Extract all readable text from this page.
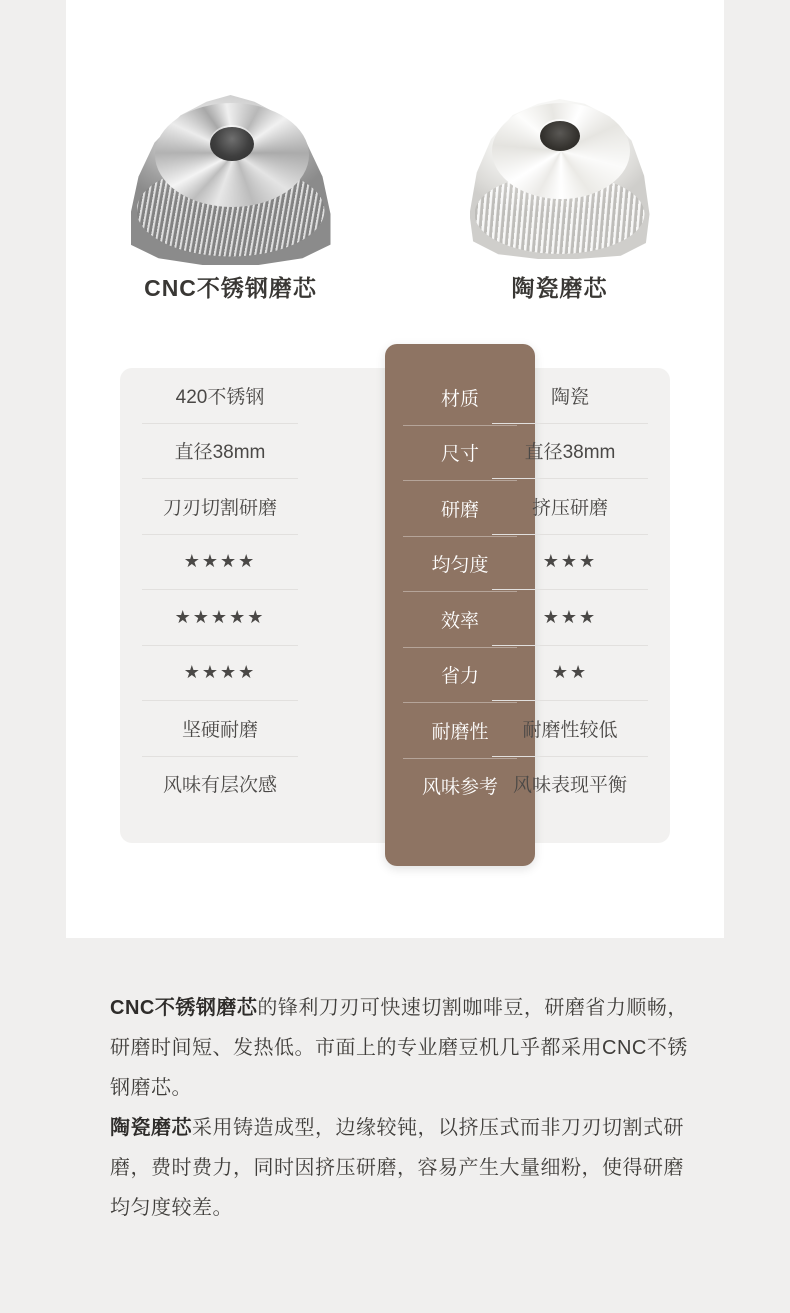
CNC不锈钢磨芯	陶瓷磨芯
420不锈钢
直径38mm
刀刃切割研磨
★★★★
★★★★★
★★★★
坚硬耐磨
风味有层次感
材质
尺寸
研磨
均匀度
效率
省力
耐磨性
风味参考
陶瓷
直径38mm
挤压研磨
★★★
★★★
★★
耐磨性较低
风味表现平衡

CNC不锈钢磨芯的锋利刀刃可快速切割咖啡豆，研磨省力顺畅，研磨时间短、发热低。市面上的专业磨豆机几乎都采用CNC不锈钢磨芯。

陶瓷磨芯采用铸造成型，边缘较钝，以挤压式而非刀刃切割式研磨，费时费力，同时因挤压研磨，容易产生大量细粉，使得研磨均匀度较差。
